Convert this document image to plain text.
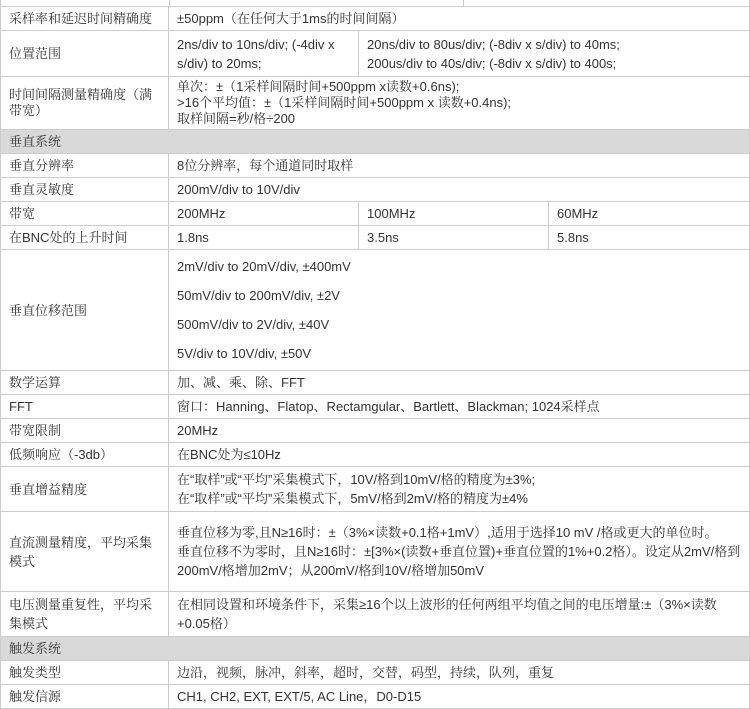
采样率和延迟时间精确度	±50ppm（在任何大于1ms的时间间隔）		
位置范围	2ns/div to 10ns/div; (-4div x s/div) to 20ms;	20ns/div to 80us/div; (-8div x s/div) to 40ms;
200us/div to 40s/div; (-8div x s/div) to 400s;	

时间间隔测量精确度（满带宽）	单次：±（1采样间隔时间+500ppm x读数+0.6ns);
>16个平均值：±（1采样间隔时间+500ppm x 读数+0.4ns);
取样间隔=秒/格÷200		

垂直系统			
垂直分辨率	8位分辨率，每个通道同时取样		
垂直灵敏度	200mV/div to 10V/div		
带宽	200MHz	100MHz	60MHz
在BNC处的上升时间	1.8ns	3.5ns	5.8ns
垂直位移范围	2mV/div to 20mV/div, ±400mV
50mV/div to 200mV/div, ±2V
500mV/div to 2V/div, ±40V
5V/div to 10V/div, ±50V		

数学运算	加、减、乘、除、FFT		
FFT	窗口：Hanning、Flatop、Rectamgular、Bartlett、Blackman; 1024采样点		
带宽限制	20MHz		
低频响应（-3db）	在BNC处为≤10Hz		
垂直增益精度	在“取样”或“平均”采集模式下，10V/格到10mV/格的精度为±3%;
在“取样”或“平均”采集模式下，5mV/格到2mV/格的精度为±4%		

直流测量精度，平均采集模式	垂直位移为零,且N≥16时：±（3%×读数+0.1格+1mV）,适用于选择10 mV /格或更大的单位时。
垂直位移不为零时，且N≥16时：±[3%×(读数+垂直位置)+垂直位置的1%+0.2格）。设定从2mV/格到200mV/格增加2mV；从200mV/格到10V/格增加50mV		

电压测量重复性，平均采集模式	在相同设置和环境条件下，采集≥16个以上波形的任何两组平均值之间的电压增量:±（3%×读数+0.05格）		
触发系统			
触发类型	边沿，视频，脉冲，斜率，超时，交替，码型，持续，队列，重复		
触发信源	CH1, CH2, EXT, EXT/5, AC Line，D0-D15		
